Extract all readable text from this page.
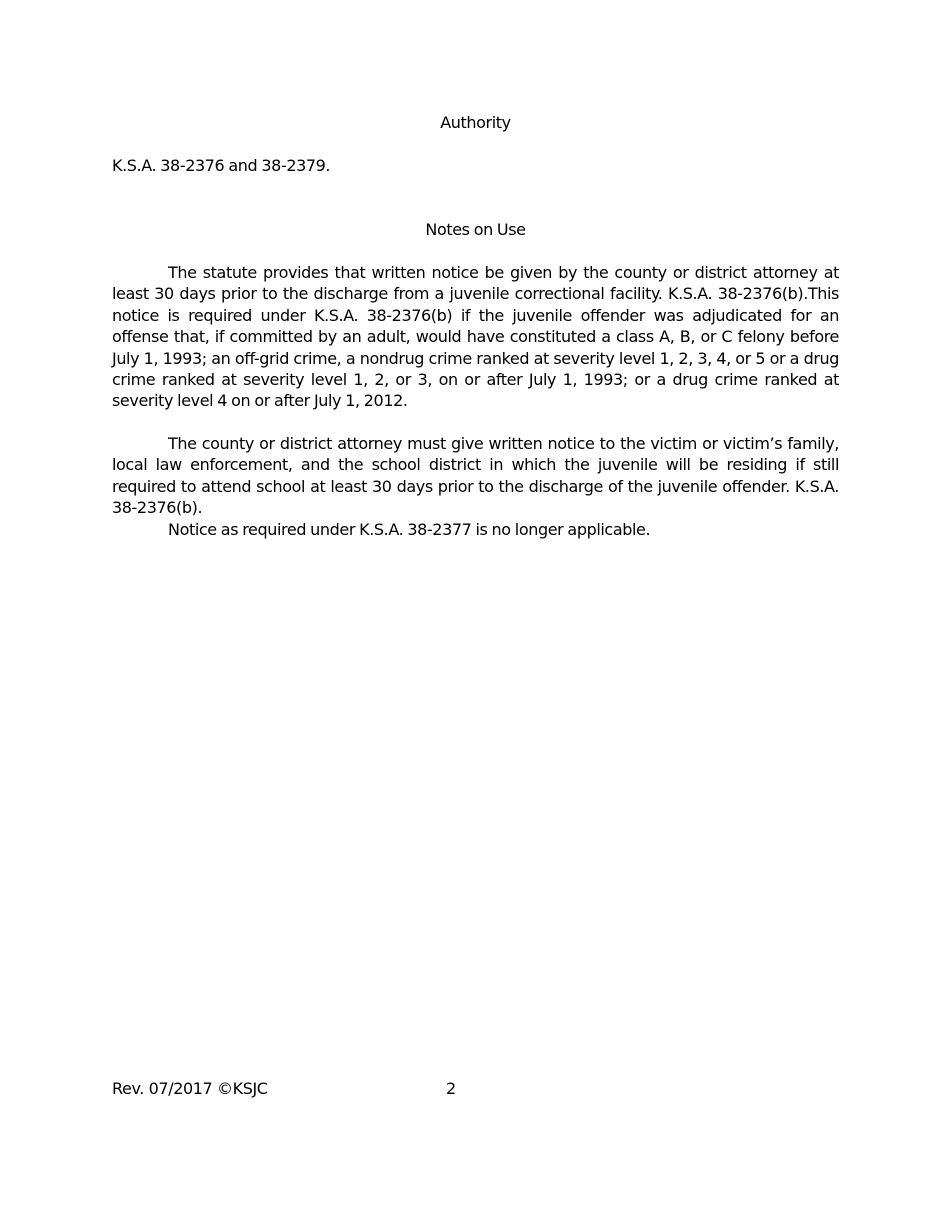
Authority
K.S.A. 38-2376 and 38-2379.
Notes on Use
The statute provides that written notice be given by the county or district attorney at least 30 days prior to the discharge from a juvenile correctional facility. K.S.A. 38-2376(b).This notice is required under K.S.A. 38-2376(b) if the juvenile offender was adjudicated for an offense that, if committed by an adult, would have constituted a class A, B, or C felony before July 1, 1993; an off-grid crime, a nondrug crime ranked at severity level 1, 2, 3, 4, or 5 or a drug crime ranked at severity level 1, 2, or 3, on or after July 1, 1993; or a drug crime ranked at severity level 4 on or after July 1, 2012.
The county or district attorney must give written notice to the victim or victim’s family, local law enforcement, and the school district in which the juvenile will be residing if still required to attend school at least 30 days prior to the discharge of the juvenile offender. K.S.A. 38-2376(b).
Notice as required under K.S.A. 38-2377 is no longer applicable.
Rev. 07/2017 ©KSJC	2
